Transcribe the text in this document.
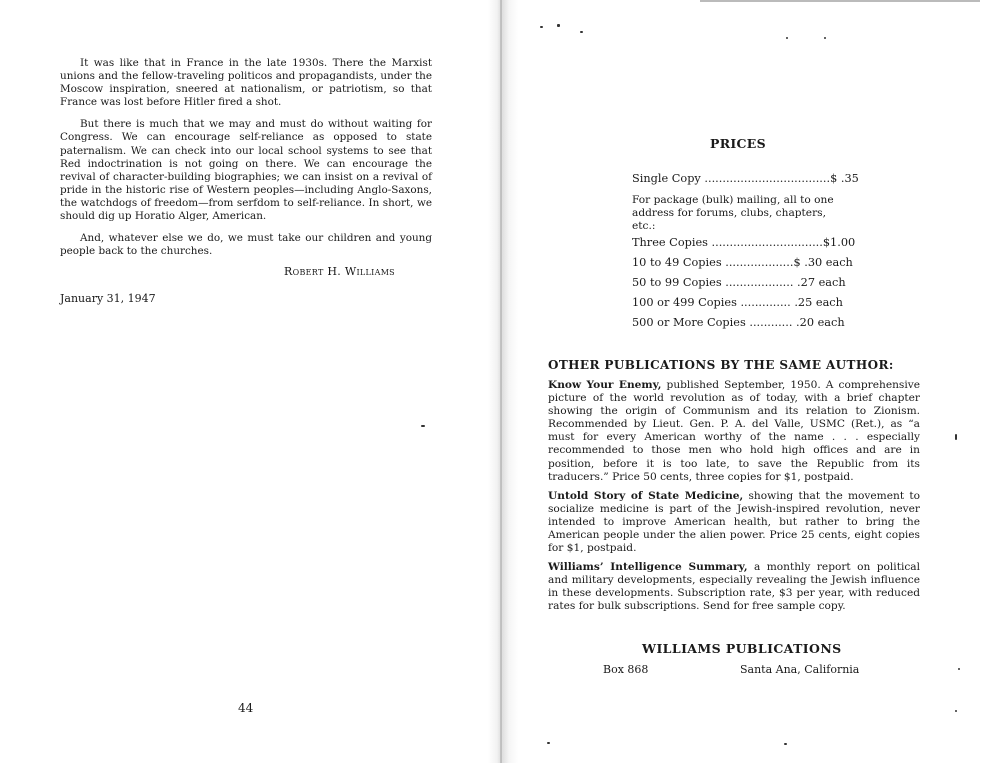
It was like that in France in the late 1930s. There the Marxist unions and the fellow-traveling politicos and propagandists, under the Moscow inspiration, sneered at nationalism, or patriotism, so that France was lost before Hitler fired a shot.

But there is much that we may and must do without waiting for Congress. We can encourage self-reliance as opposed to state paternalism. We can check into our local school systems to see that Red indoctrination is not going on there. We can encourage the revival of character-building biographies; we can insist on a revival of pride in the historic rise of Western peoples—including Anglo-Saxons, the watchdogs of freedom—from serfdom to self-reliance. In short, we should dig up Horatio Alger, American.

And, whatever else we do, we must take our children and young people back to the churches.

Robert H. Williams
January 31, 1947
44
PRICES
Single Copy ...................................$ .35
For package (bulk) mailing, all to one address for forums, clubs, chapters, etc.:
Three Copies ...............................$1.00
10 to 49 Copies ...................$ .30 each
50 to 99 Copies ................... .27 each
100 or 499 Copies .............. .25 each
500 or More Copies ............ .20 each
OTHER PUBLICATIONS BY THE SAME AUTHOR:
Know Your Enemy, published September, 1950. A comprehensive picture of the world revolution as of today, with a brief chapter showing the origin of Communism and its relation to Zionism. Recommended by Lieut. Gen. P. A. del Valle, USMC (Ret.), as “a must for every American worthy of the name . . . especially recommended to those men who hold high offices and are in position, before it is too late, to save the Republic from its traducers.” Price 50 cents, three copies for $1, postpaid.
Untold Story of State Medicine, showing that the movement to socialize medicine is part of the Jewish-inspired revolution, never intended to improve American health, but rather to bring the American people under the alien power. Price 25 cents, eight copies for $1, postpaid.
Williams’ Intelligence Summary, a monthly report on political and military developments, especially revealing the Jewish influence in these developments. Subscription rate, $3 per year, with reduced rates for bulk subscriptions. Send for free sample copy.
WILLIAMS PUBLICATIONS
Box 868	Santa Ana, California
